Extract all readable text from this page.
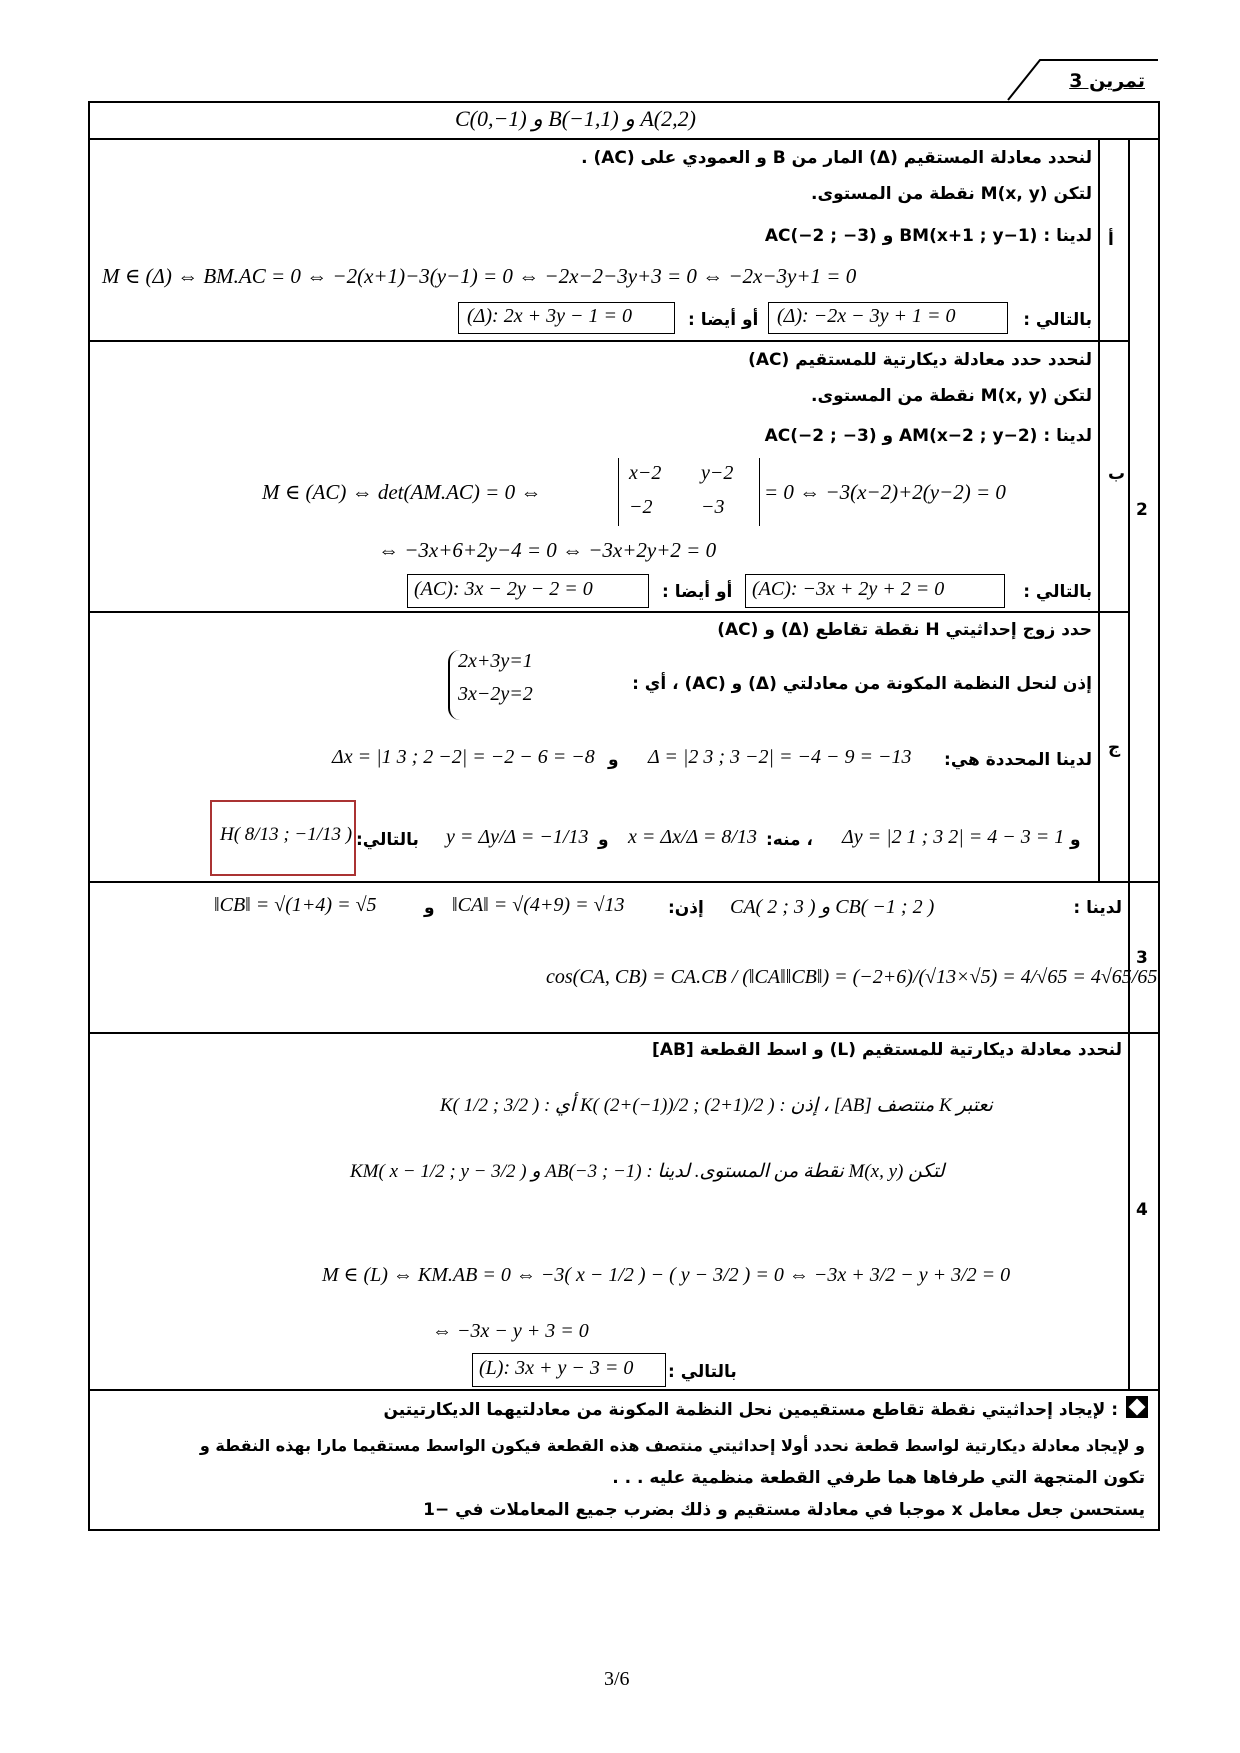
تمرين 3
C(0,−1) و B(−1,1) و A(2,2)
2
أ
لنحدد معادلة المستقيم (Δ) المار من B و العمودي على (AC) .
لتكن M(x, y) نقطة من المستوى.
لدينا : BM(x+1 ; y−1) و AC(−2 ; −3)
M ∈ (Δ) ⇔ BM.AC = 0 ⇔ −2(x+1)−3(y−1) = 0 ⇔ −2x−2−3y+3 = 0 ⇔ −2x−3y+1 = 0
بالتالي :
(Δ): −2x − 3y + 1 = 0
أو أيضا :
(Δ): 2x + 3y − 1 = 0
ب
لنحدد حدد معادلة ديكارتية للمستقيم (AC)
لتكن M(x, y) نقطة من المستوى.
لدينا : AM(x−2 ; y−2) و AC(−2 ; −3)
M ∈ (AC) ⇔ det(AM.AC) = 0 ⇔
x−2 y−2
−2 −3
= 0 ⇔ −3(x−2)+2(y−2) = 0
⇔ −3x+6+2y−4 = 0 ⇔ −3x+2y+2 = 0
بالتالي :
(AC): −3x + 2y + 2 = 0
أو أيضا :
(AC): 3x − 2y − 2 = 0
ج
حدد زوج إحداثيتي H نقطة تقاطع (Δ) و (AC)
إذن لنحل النظمة المكونة من معادلتي (Δ) و (AC) ، أي :
2x+3y=1
3x−2y=2
لدينا المحددة هي:
Δ = |2 3 ; 3 −2| = −4 − 9 = −13
و
Δx = |1 3 ; 2 −2| = −2 − 6 = −8
و
Δy = |2 1 ; 3 2| = 4 − 3 = 1
، منه:
x = Δx/Δ = 8/13
و
y = Δy/Δ = −1/13
بالتالي:
H( 8/13 ; −1/13 )
3
لدينا :
CA( 2 ; 3 ) و CB( −1 ; 2 )
إذن:
‖CA‖ = √(4+9) = √13
و
‖CB‖ = √(1+4) = √5
cos(CA, CB) = CA.CB / (‖CA‖‖CB‖) = (−2+6)/(√13×√5) = 4/√65 = 4√65/65
4
لنحدد معادلة ديكارتية للمستقيم (L) و اسط القطعة [AB]
نعتبر K منتصف [AB] ، إذن : K( (2+(−1))/2 ; (2+1)/2 ) أي : K( 1/2 ; 3/2 )
لتكن M(x, y) نقطة من المستوى. لدينا : AB(−3 ; −1) و KM( x − 1/2 ; y − 3/2 )
M ∈ (L) ⇔ KM.AB = 0 ⇔ −3( x − 1/2 ) − ( y − 3/2 ) = 0 ⇔ −3x + 3/2 − y + 3/2 = 0
⇔ −3x − y + 3 = 0
بالتالي :
(L): 3x + y − 3 = 0
: لإيجاد إحداثيتي نقطة تقاطع مستقيمين نحل النظمة المكونة من معادلتيهما الديكارتيتين
و لإيجاد معادلة ديكارتية لواسط قطعة نحدد أولا إحداثيتي منتصف هذه القطعة فيكون الواسط مستقيما مارا بهذه النقطة و
تكون المتجهة التي طرفاها هما طرفي القطعة منظمية عليه . . .
يستحسن جعل معامل x موجبا في معادلة مستقيم و ذلك بضرب جميع المعاملات في −1
3/6
